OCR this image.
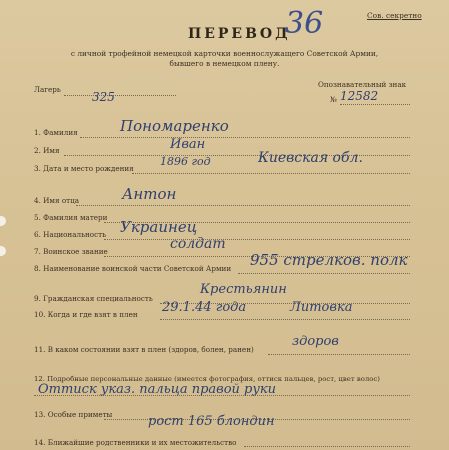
Сов. секретно
ПЕРЕВОД
36
с личной трофейной немецкой карточки военнослужащего Советской Армии,
бывшего в немецком плену.
Лагерь
325
Опознавательный знак
№ 12582
1. Фамилия	Пономаренко
2. Имя	Иван
3. Дата и место рождения
1896 год	Киевская обл.
4. Имя отца	Антон
5. Фамилия матери
6. Национальность Украинец
7. Воинское звание	солдат
8. Наименование воинской части Советской Армии 955 стрелков. полк
9. Гражданская специальность
Крестьянин
10. Когда и где взят в плен 29.1.44 года	Литовка
11. В каком состоянии взят в плен (здоров, болен, ранен)
здоров
12. Подробные персональные данные (имеется фотография, оттиск пальцев, рост, цвет волос)
Оттиск указ. пальца правой руки
13. Особые приметы	рост 165 блондин
14. Ближайшие родственники и их местожительство
